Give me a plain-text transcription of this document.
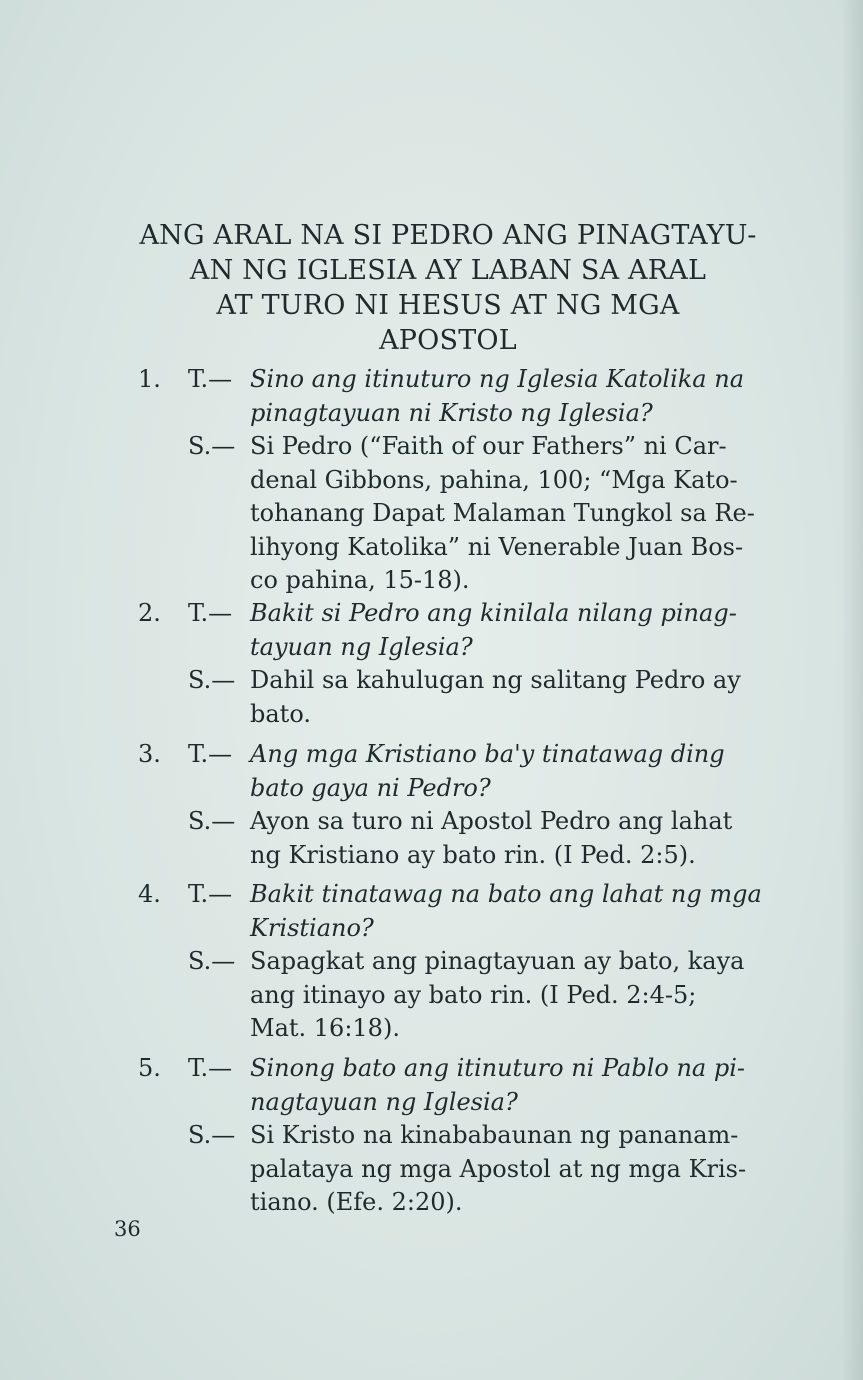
ANG ARAL NA SI PEDRO ANG PINAGTAYU-
AN NG IGLESIA AY LABAN SA ARAL
AT TURO NI HESUS AT NG MGA
APOSTOL
1. T.— Sino ang itinuturo ng Iglesia Katolika na
pinagtayuan ni Kristo ng Iglesia?
S.— Si Pedro (“Faith of our Fathers” ni Car-
denal Gibbons, pahina, 100; “Mga Kato-
tohanang Dapat Malaman Tungkol sa Re-
lihyong Katolika” ni Venerable Juan Bos-
co pahina, 15-18).
2. T.— Bakit si Pedro ang kinilala nilang pinag-
tayuan ng Iglesia?
S.— Dahil sa kahulugan ng salitang Pedro ay
bato.
3. T.— Ang mga Kristiano ba'y tinatawag ding
bato gaya ni Pedro?
S.— Ayon sa turo ni Apostol Pedro ang lahat
ng Kristiano ay bato rin. (I Ped. 2:5).
4. T.— Bakit tinatawag na bato ang lahat ng mga
Kristiano?
S.— Sapagkat ang pinagtayuan ay bato, kaya
ang itinayo ay bato rin. (I Ped. 2:4-5;
Mat. 16:18).
5. T.— Sinong bato ang itinuturo ni Pablo na pi-
nagtayuan ng Iglesia?
S.— Si Kristo na kinababaunan ng pananam-
palataya ng mga Apostol at ng mga Kris-
tiano. (Efe. 2:20).
36
